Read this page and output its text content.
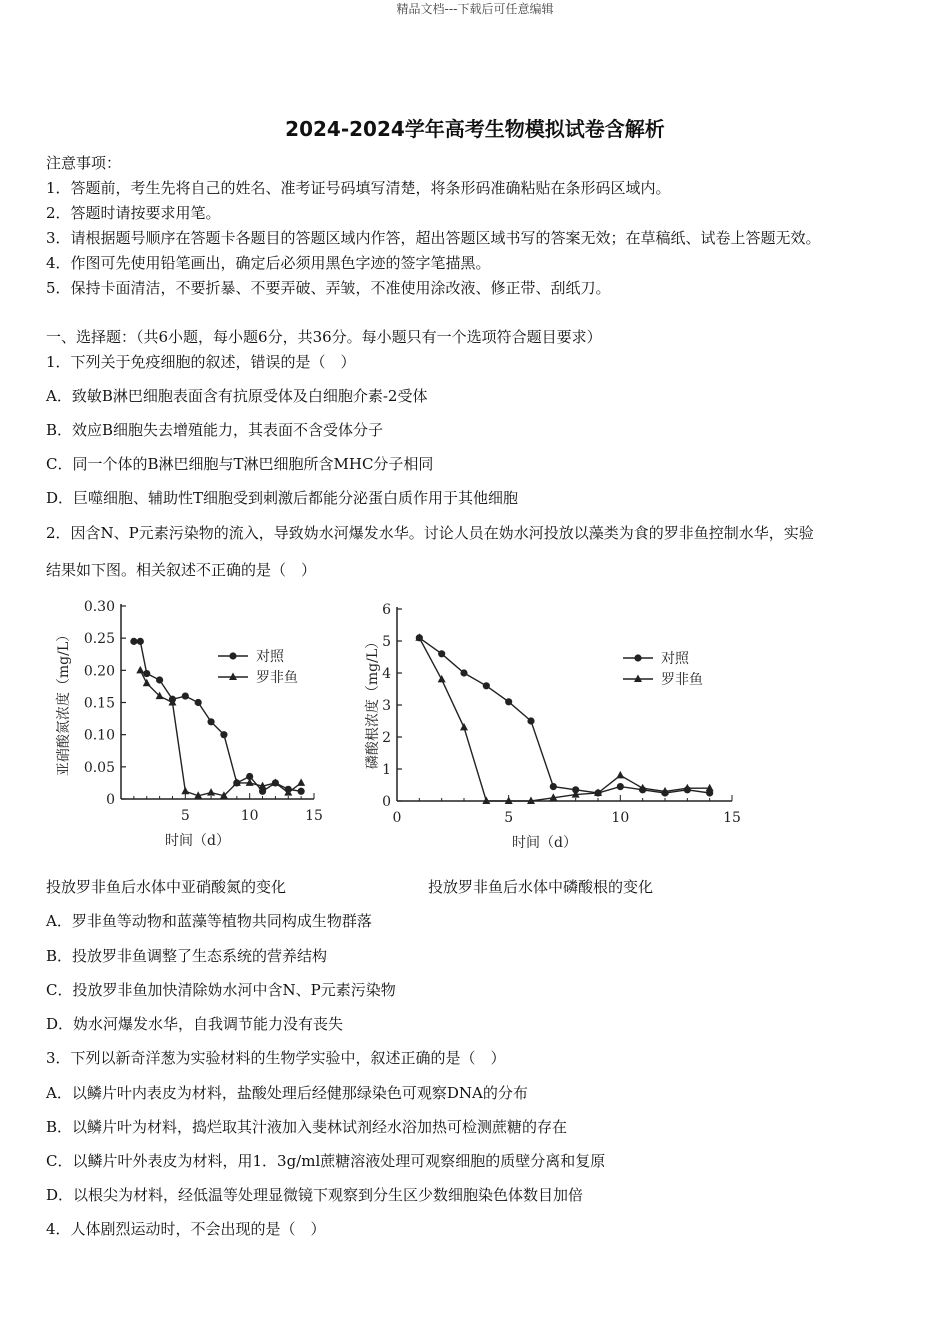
精品文档---下载后可任意编辑
2024-2024学年高考生物模拟试卷含解析
注意事项：
1．答题前，考生先将自己的姓名、准考证号码填写清楚，将条形码准确粘贴在条形码区域内。
2．答题时请按要求用笔。
3．请根据题号顺序在答题卡各题目的答题区域内作答，超出答题区域书写的答案无效；在草稿纸、试卷上答题无效。
4．作图可先使用铅笔画出，确定后必须用黑色字迹的签字笔描黑。
5．保持卡面清洁，不要折暴、不要弄破、弄皱，不准使用涂改液、修正带、刮纸刀。
一、选择题：（共6小题，每小题6分，共36分。每小题只有一个选项符合题目要求）
1．下列关于免疫细胞的叙述，错误的是（　）
A．致敏B淋巴细胞表面含有抗原受体及白细胞介素-2受体
B．效应B细胞失去增殖能力，其表面不含受体分子
C．同一个体的B淋巴细胞与T淋巴细胞所含MHC分子相同
D．巨噬细胞、辅助性T细胞受到刺激后都能分泌蛋白质作用于其他细胞
2．因含N、P元素污染物的流入，导致妫水河爆发水华。讨论人员在妫水河投放以藻类为食的罗非鱼控制水华，实验
结果如下图。相关叙述不正确的是（　）
0
0.05
0.10
0.15
0.20
0.25
0.30
5	10	15
时间（d）
亚硝酸氮浓度（mg/L）	对照
罗非鱼
0
1
2
3
4
5
6
0	5	10	15
时间（d）
磷酸根浓度（mg/L）	对照
罗非鱼
投放罗非鱼后水体中亚硝酸氮的变化	投放罗非鱼后水体中磷酸根的变化
A．罗非鱼等动物和蓝藻等植物共同构成生物群落
B．投放罗非鱼调整了生态系统的营养结构
C．投放罗非鱼加快清除妫水河中含N、P元素污染物
D．妫水河爆发水华，自我调节能力没有丧失
3．下列以新奇洋葱为实验材料的生物学实验中，叙述正确的是（　）
A．以鳞片叶内表皮为材料，盐酸处理后经健那绿染色可观察DNA的分布
B．以鳞片叶为材料，捣烂取其汁液加入斐林试剂经水浴加热可检测蔗糖的存在
C．以鳞片叶外表皮为材料，用1．3g/ml蔗糖溶液处理可观察细胞的质壁分离和复原
D．以根尖为材料，经低温等处理显微镜下观察到分生区少数细胞染色体数目加倍
4．人体剧烈运动时，不会出现的是（　）
